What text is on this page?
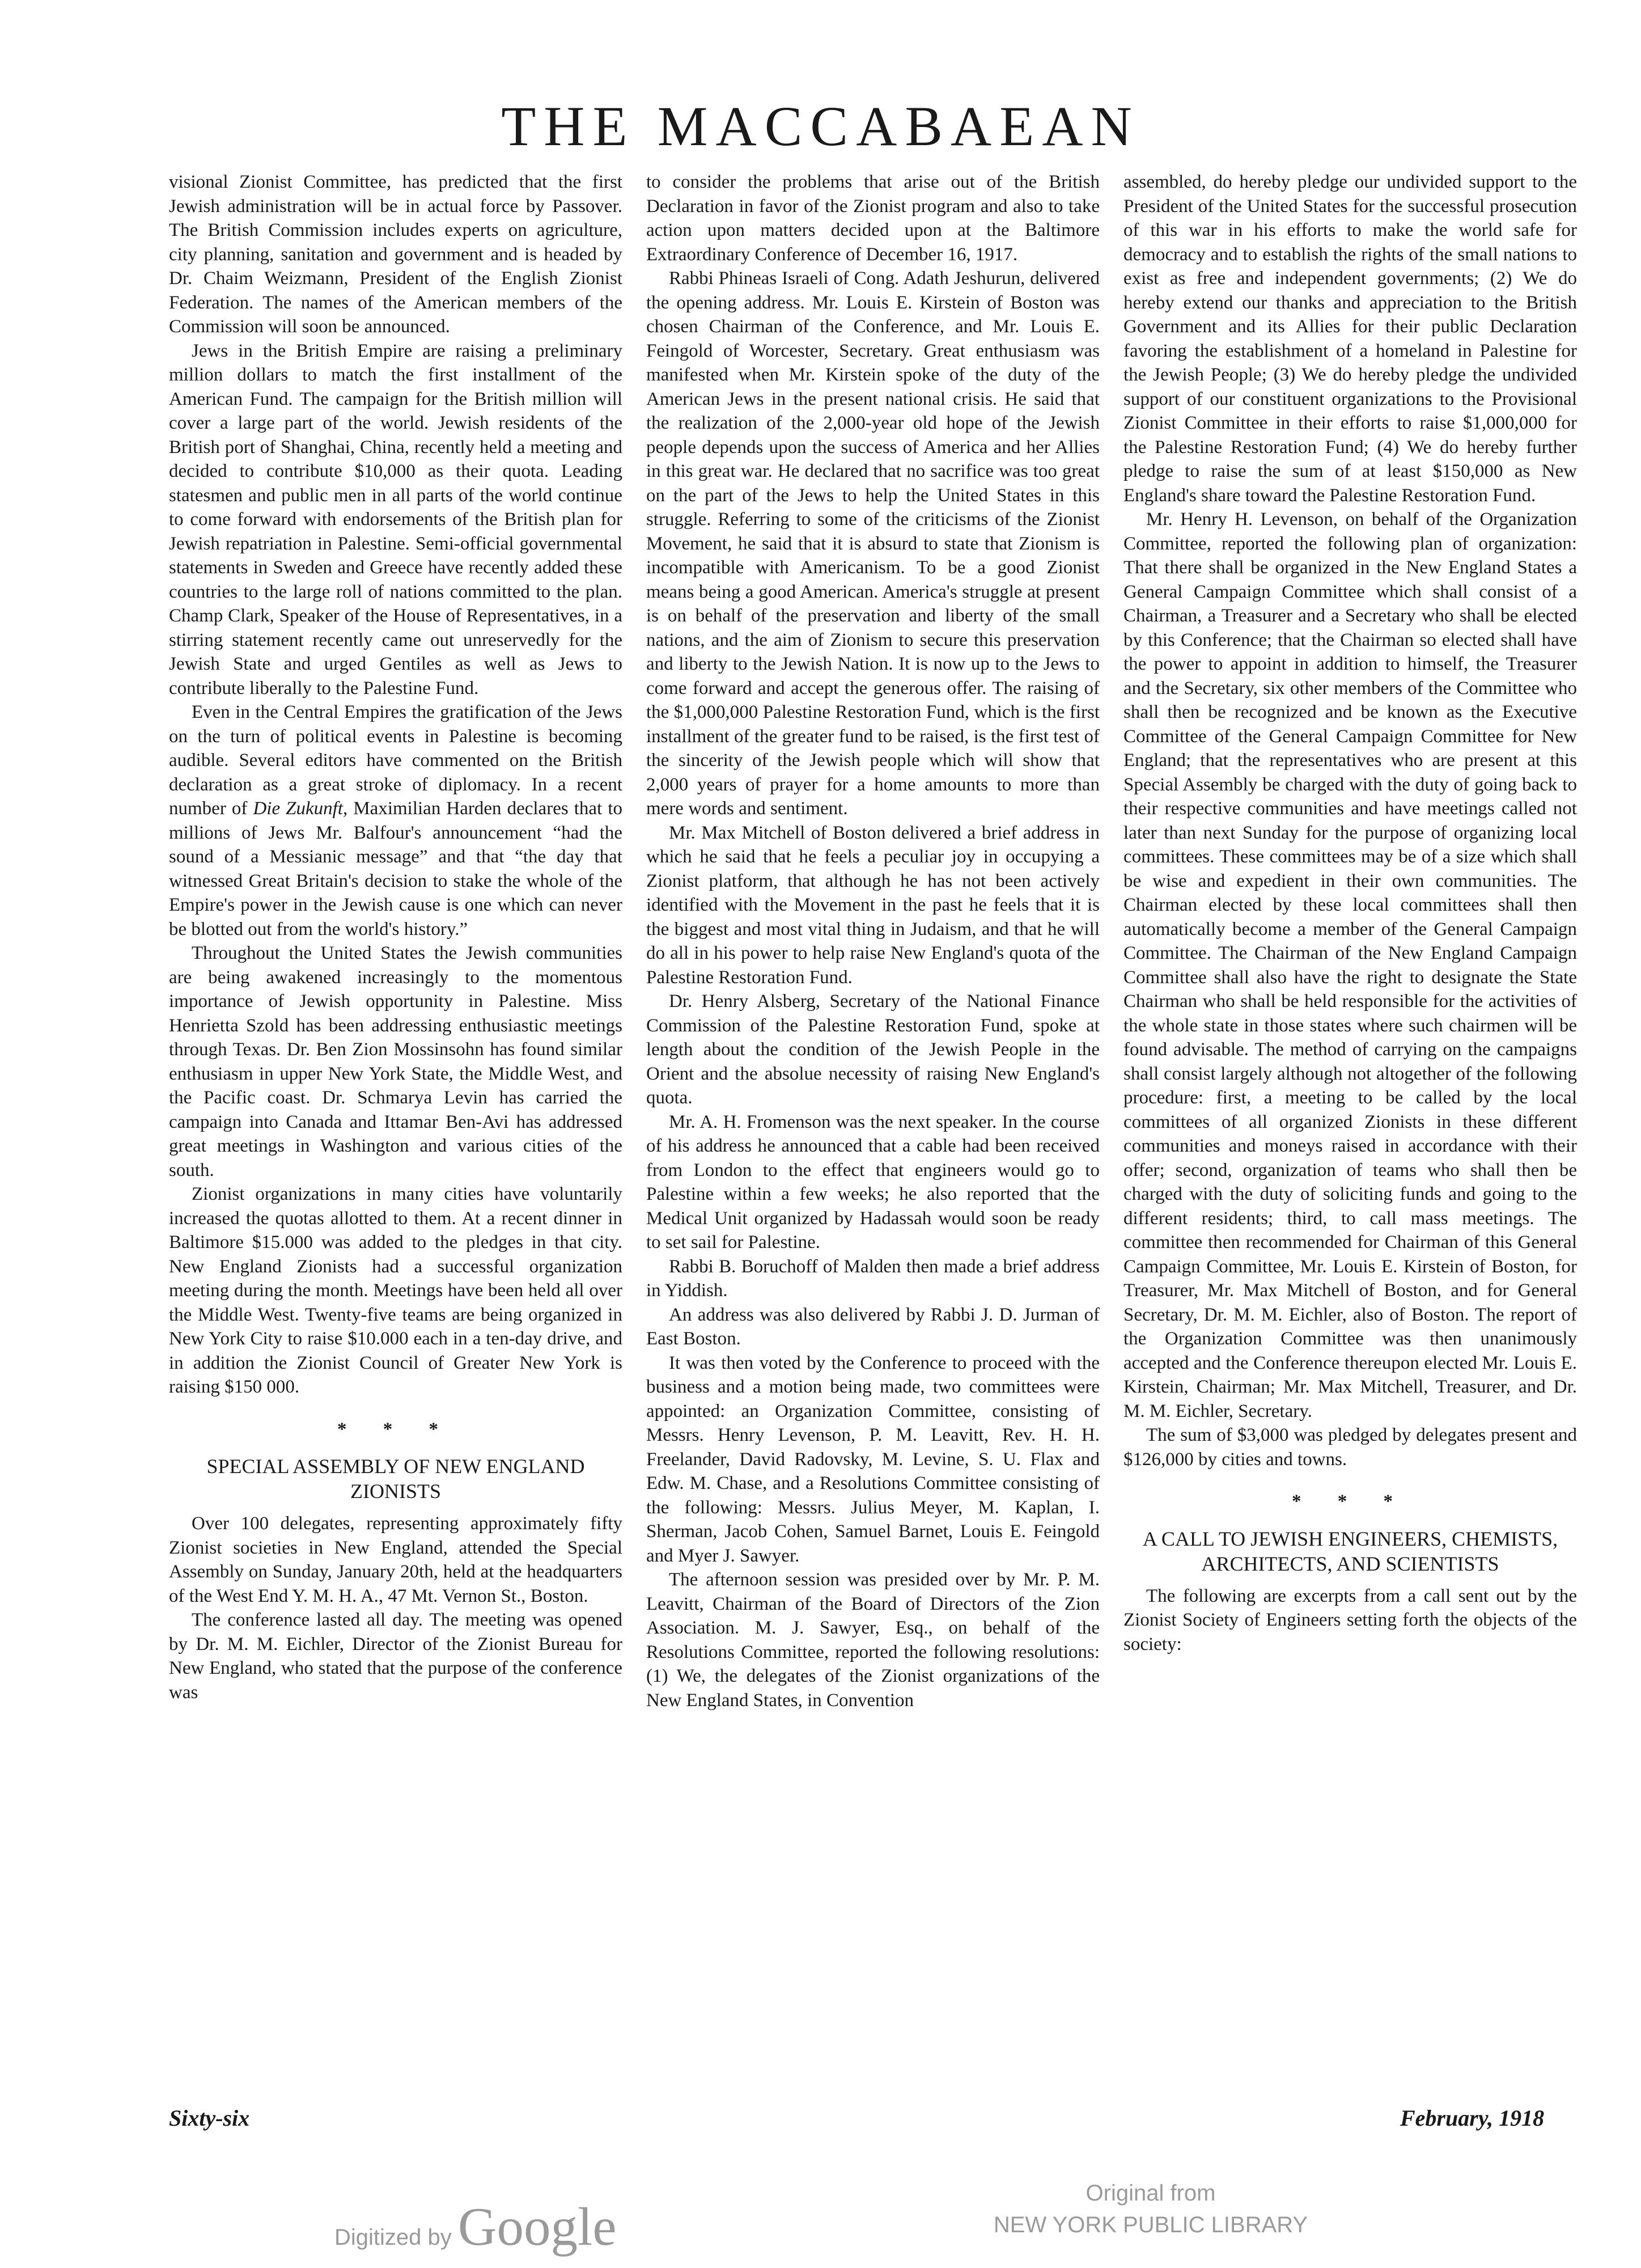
THE MACCABAEAN

visional Zionist Committee, has predicted that the first Jewish administration will be in actual force by Passover. The British Commission includes experts on agriculture, city planning, sanitation and government and is headed by Dr. Chaim Weizmann, President of the English Zionist Federation. The names of the American members of the Commission will soon be announced.

Jews in the British Empire are raising a preliminary million dollars to match the first installment of the American Fund. The campaign for the British million will cover a large part of the world. Jewish residents of the British port of Shanghai, China, recently held a meeting and decided to contribute $10,000 as their quota. Leading statesmen and public men in all parts of the world continue to come forward with endorsements of the British plan for Jewish repatriation in Palestine. Semi-official governmental statements in Sweden and Greece have recently added these countries to the large roll of nations committed to the plan. Champ Clark, Speaker of the House of Representatives, in a stirring statement recently came out unreservedly for the Jewish State and urged Gentiles as well as Jews to contribute liberally to the Palestine Fund.

Even in the Central Empires the gratification of the Jews on the turn of political events in Palestine is becoming audible. Several editors have commented on the British declaration as a great stroke of diplomacy. In a recent number of Die Zukunft, Maximilian Harden declares that to millions of Jews Mr. Balfour's announcement “had the sound of a Messianic message” and that “the day that witnessed Great Britain's decision to stake the whole of the Empire's power in the Jewish cause is one which can never be blotted out from the world's history.”

Throughout the United States the Jewish communities are being awakened increasingly to the momentous importance of Jewish opportunity in Palestine. Miss Henrietta Szold has been addressing enthusiastic meetings through Texas. Dr. Ben Zion Mossinsohn has found similar enthusiasm in upper New York State, the Middle West, and the Pacific coast. Dr. Schmarya Levin has carried the campaign into Canada and Ittamar Ben-Avi has addressed great meetings in Washington and various cities of the south.

Zionist organizations in many cities have voluntarily increased the quotas allotted to them. At a recent dinner in Baltimore $15.000 was added to the pledges in that city. New England Zionists had a successful organization meeting during the month. Meetings have been held all over the Middle West. Twenty-five teams are being organized in New York City to raise $10.000 each in a ten-day drive, and in addition the Zionist Council of Greater New York is raising $150 000.

* * *
SPECIAL ASSEMBLY OF NEW ENGLAND ZIONISTS

Over 100 delegates, representing approximately fifty Zionist societies in New England, attended the Special Assembly on Sunday, January 20th, held at the headquarters of the West End Y. M. H. A., 47 Mt. Vernon St., Boston.

The conference lasted all day. The meeting was opened by Dr. M. M. Eichler, Director of the Zionist Bureau for New England, who stated that the purpose of the conference was

to consider the problems that arise out of the British Declaration in favor of the Zionist program and also to take action upon matters decided upon at the Baltimore Extraordinary Conference of December 16, 1917.

Rabbi Phineas Israeli of Cong. Adath Jeshurun, delivered the opening address. Mr. Louis E. Kirstein of Boston was chosen Chairman of the Conference, and Mr. Louis E. Feingold of Worcester, Secretary. Great enthusiasm was manifested when Mr. Kirstein spoke of the duty of the American Jews in the present national crisis. He said that the realization of the 2,000-year old hope of the Jewish people depends upon the success of America and her Allies in this great war. He declared that no sacrifice was too great on the part of the Jews to help the United States in this struggle. Referring to some of the criticisms of the Zionist Movement, he said that it is absurd to state that Zionism is incompatible with Americanism. To be a good Zionist means being a good American. America's struggle at present is on behalf of the preservation and liberty of the small nations, and the aim of Zionism to secure this preservation and liberty to the Jewish Nation. It is now up to the Jews to come forward and accept the generous offer. The raising of the $1,000,000 Palestine Restoration Fund, which is the first installment of the greater fund to be raised, is the first test of the sincerity of the Jewish people which will show that 2,000 years of prayer for a home amounts to more than mere words and sentiment.

Mr. Max Mitchell of Boston delivered a brief address in which he said that he feels a peculiar joy in occupying a Zionist platform, that although he has not been actively identified with the Movement in the past he feels that it is the biggest and most vital thing in Judaism, and that he will do all in his power to help raise New England's quota of the Palestine Restoration Fund.

Dr. Henry Alsberg, Secretary of the National Finance Commission of the Palestine Restoration Fund, spoke at length about the condition of the Jewish People in the Orient and the absolue necessity of raising New England's quota.

Mr. A. H. Fromenson was the next speaker. In the course of his address he announced that a cable had been received from London to the effect that engineers would go to Palestine within a few weeks; he also reported that the Medical Unit organized by Hadassah would soon be ready to set sail for Palestine.

Rabbi B. Boruchoff of Malden then made a brief address in Yiddish.

An address was also delivered by Rabbi J. D. Jurman of East Boston.

It was then voted by the Conference to proceed with the business and a motion being made, two committees were appointed: an Organization Committee, consisting of Messrs. Henry Levenson, P. M. Leavitt, Rev. H. H. Freelander, David Radovsky, M. Levine, S. U. Flax and Edw. M. Chase, and a Resolutions Committee consisting of the following: Messrs. Julius Meyer, M. Kaplan, I. Sherman, Jacob Cohen, Samuel Barnet, Louis E. Feingold and Myer J. Sawyer.

The afternoon session was presided over by Mr. P. M. Leavitt, Chairman of the Board of Directors of the Zion Association. M. J. Sawyer, Esq., on behalf of the Resolutions Committee, reported the following resolutions: (1) We, the delegates of the Zionist organizations of the New England States, in Convention

assembled, do hereby pledge our undivided support to the President of the United States for the successful prosecution of this war in his efforts to make the world safe for democracy and to establish the rights of the small nations to exist as free and independent governments; (2) We do hereby extend our thanks and appreciation to the British Government and its Allies for their public Declaration favoring the establishment of a homeland in Palestine for the Jewish People; (3) We do hereby pledge the undivided support of our constituent organizations to the Provisional Zionist Committee in their efforts to raise $1,000,000 for the Palestine Restoration Fund; (4) We do hereby further pledge to raise the sum of at least $150,000 as New England's share toward the Palestine Restoration Fund.

Mr. Henry H. Levenson, on behalf of the Organization Committee, reported the following plan of organization: That there shall be organized in the New England States a General Campaign Committee which shall consist of a Chairman, a Treasurer and a Secretary who shall be elected by this Conference; that the Chairman so elected shall have the power to appoint in addition to himself, the Treasurer and the Secretary, six other members of the Committee who shall then be recognized and be known as the Executive Committee of the General Campaign Committee for New England; that the representatives who are present at this Special Assembly be charged with the duty of going back to their respective communities and have meetings called not later than next Sunday for the purpose of organizing local committees. These committees may be of a size which shall be wise and expedient in their own communities. The Chairman elected by these local committees shall then automatically become a member of the General Campaign Committee. The Chairman of the New England Campaign Committee shall also have the right to designate the State Chairman who shall be held responsible for the activities of the whole state in those states where such chairmen will be found advisable. The method of carrying on the campaigns shall consist largely although not altogether of the following procedure: first, a meeting to be called by the local committees of all organized Zionists in these different communities and moneys raised in accordance with their offer; second, organization of teams who shall then be charged with the duty of soliciting funds and going to the different residents; third, to call mass meetings. The committee then recommended for Chairman of this General Campaign Committee, Mr. Louis E. Kirstein of Boston, for Treasurer, Mr. Max Mitchell of Boston, and for General Secretary, Dr. M. M. Eichler, also of Boston. The report of the Organization Committee was then unanimously accepted and the Conference thereupon elected Mr. Louis E. Kirstein, Chairman; Mr. Max Mitchell, Treasurer, and Dr. M. M. Eichler, Secretary.

The sum of $3,000 was pledged by delegates present and $126,000 by cities and towns.

* * *
A CALL TO JEWISH ENGINEERS, CHEMISTS, ARCHITECTS, AND SCIENTISTS

The following are excerpts from a call sent out by the Zionist Society of Engineers setting forth the objects of the society:

Sixty-six	February, 1918
Digitized by Google
Original from
NEW YORK PUBLIC LIBRARY
